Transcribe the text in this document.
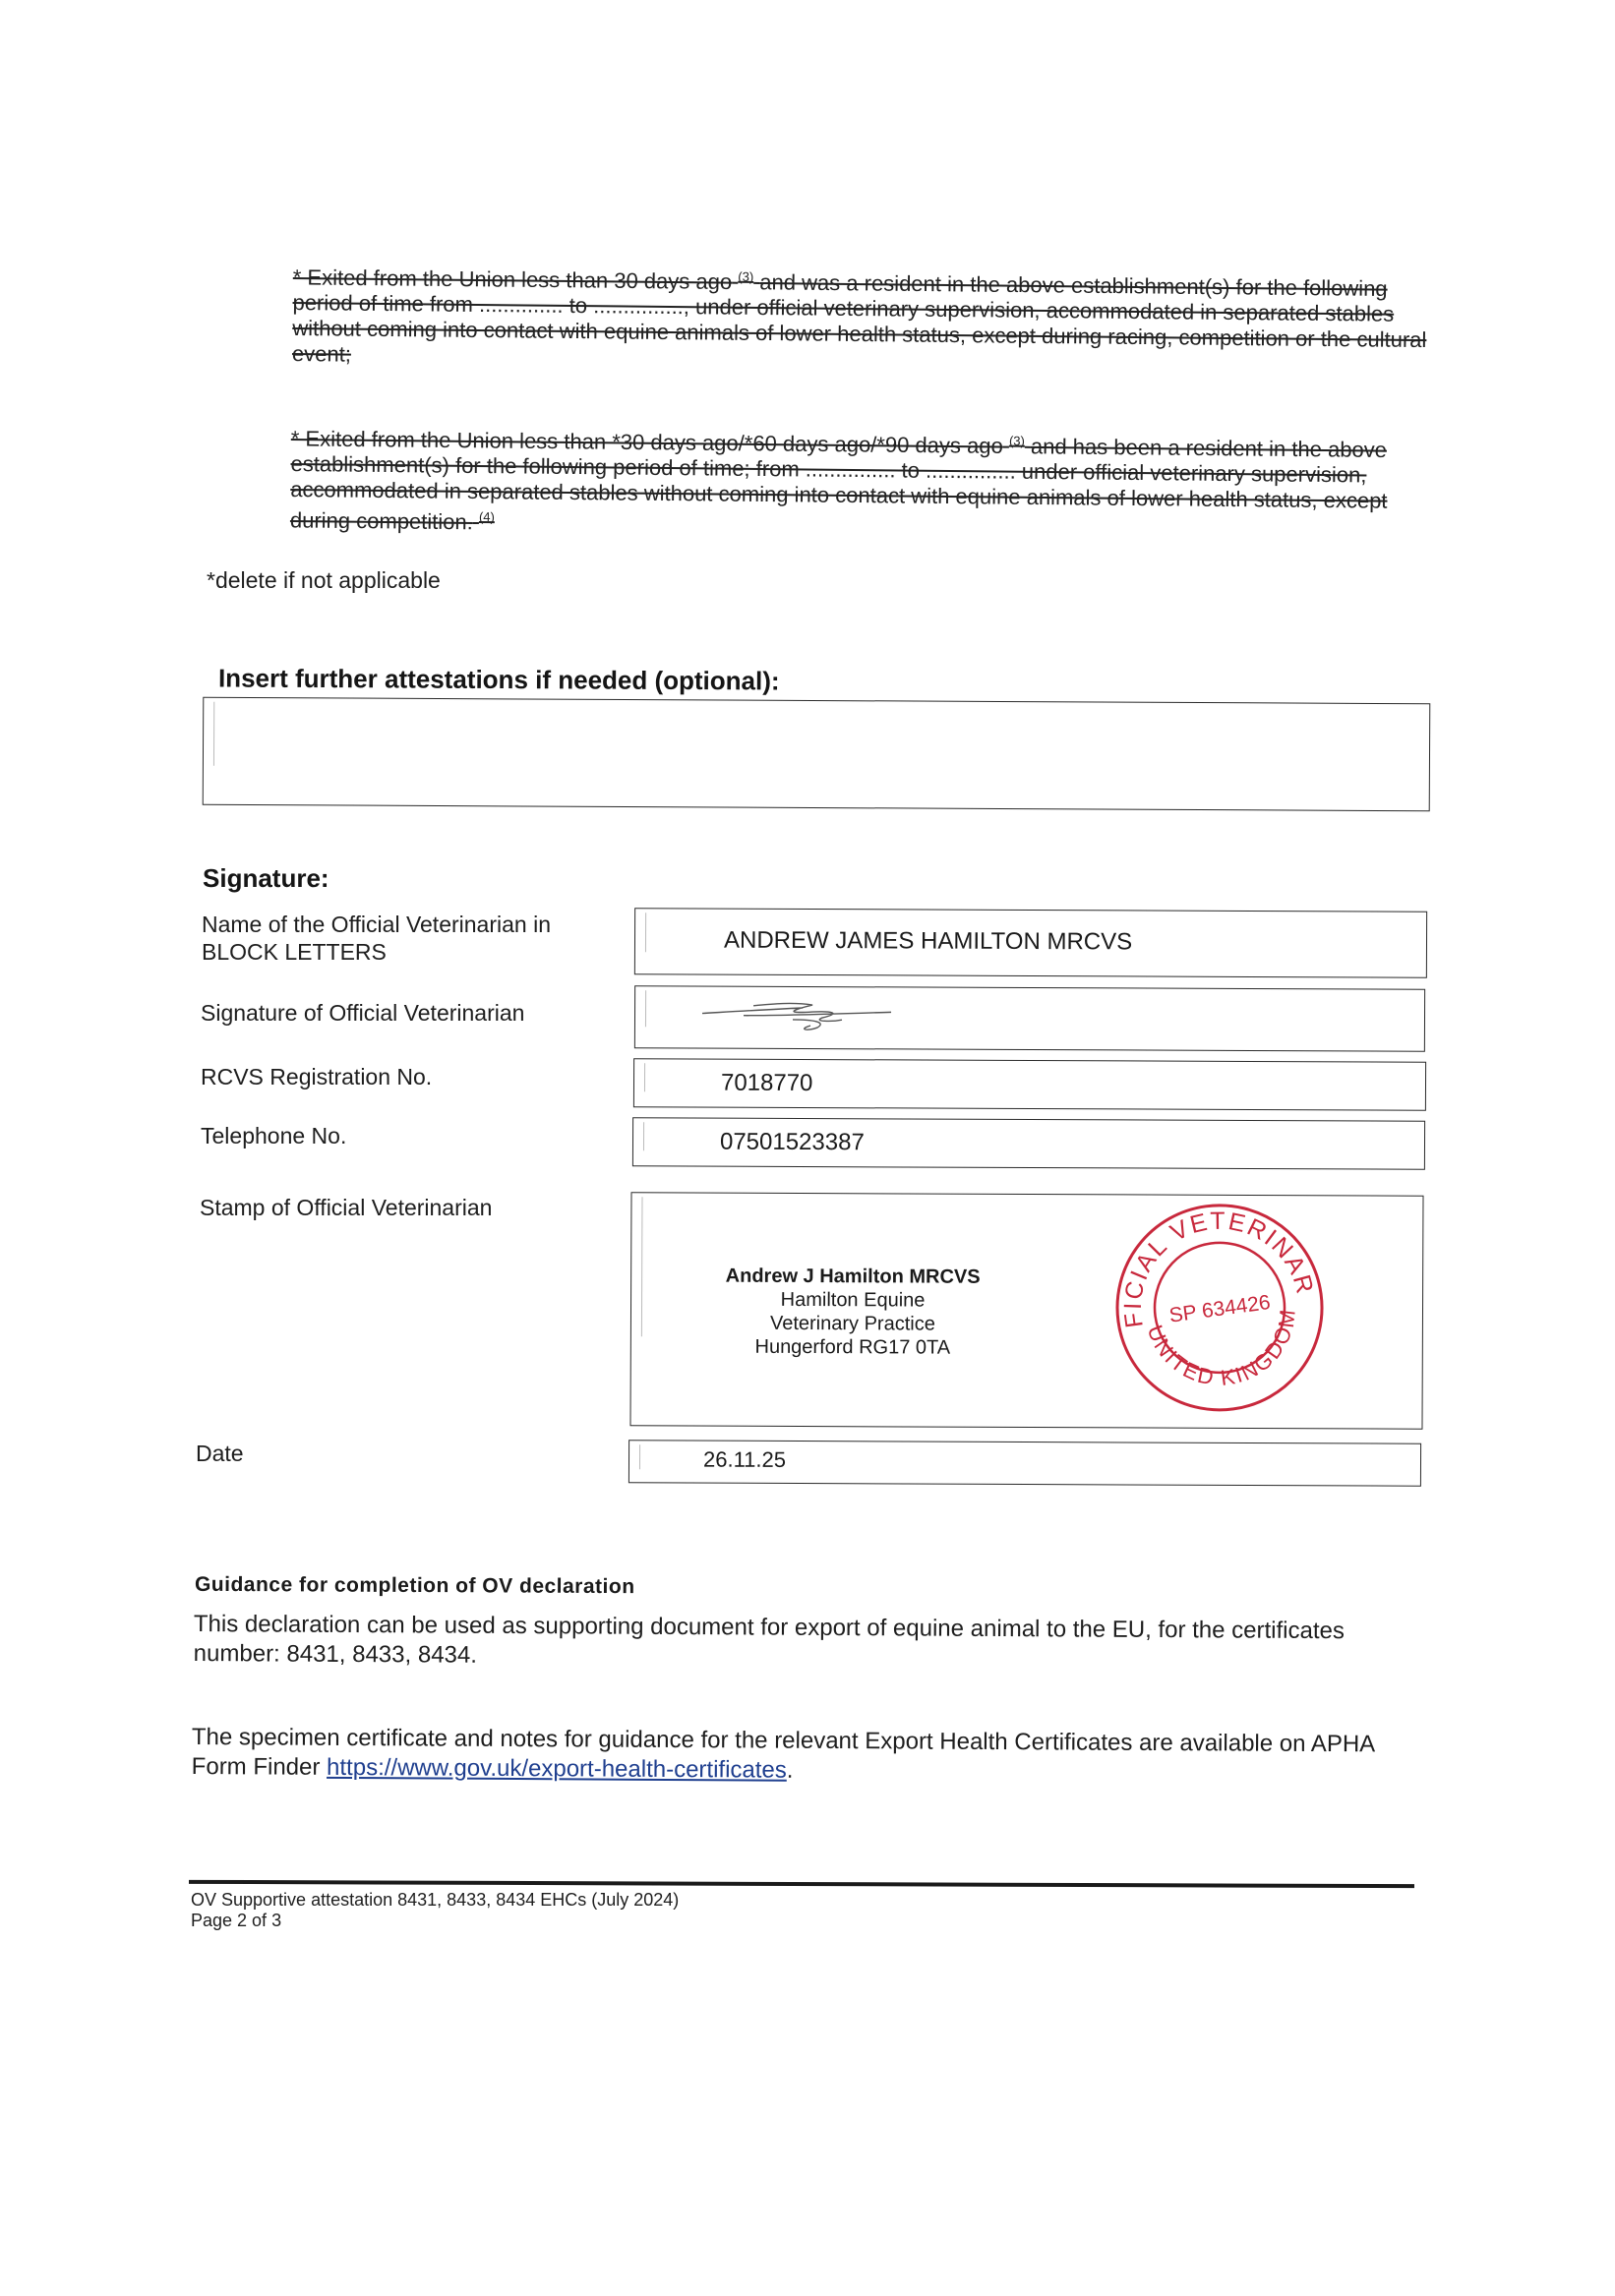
* Exited from the Union less than 30 days ago $^{(3)}$ and was a resident in the above establishment(s) for the following period of time from .............. to ..............., under official veterinary supervision, accommodated in separated stables without coming into contact with equine animals of lower health status, except during racing, competition or the cultural event;
* Exited from the Union less than *30 days ago/*60 days ago/*90 days ago $^{(3)}$ and has been a resident in the above establishment(s) for the following period of time; from ............... to ............... under official veterinary supervision, accommodated in separated stables without coming into contact with equine animals of lower health status, except during competition. $^{(4)}$
*delete if not applicable
Insert further attestations if needed (optional):
Signature:
Name of the Official Veterinarian in BLOCK LETTERS	ANDREW JAMES HAMILTON MRCVS
Signature of Official Veterinarian
RCVS Registration No.	7018770
Telephone No.	07501523387
Stamp of Official Veterinarian
Andrew J Hamilton MRCVS
Hamilton Equine
Veterinary Practice
Hungerford RG17 0TA
OFFICIAL VETERINARIAN
UNITED KINGDOM
SP 634426
Date	26.11.25
Guidance for completion of OV declaration
This declaration can be used as supporting document for export of equine animal to the EU, for the certificates number: 8431, 8433, 8434.
The specimen certificate and notes for guidance for the relevant Export Health Certificates are available on APHA Form Finder https://www.gov.uk/export-health-certificates.
OV Supportive attestation 8431, 8433, 8434 EHCs (July 2024)
Page 2 of 3
